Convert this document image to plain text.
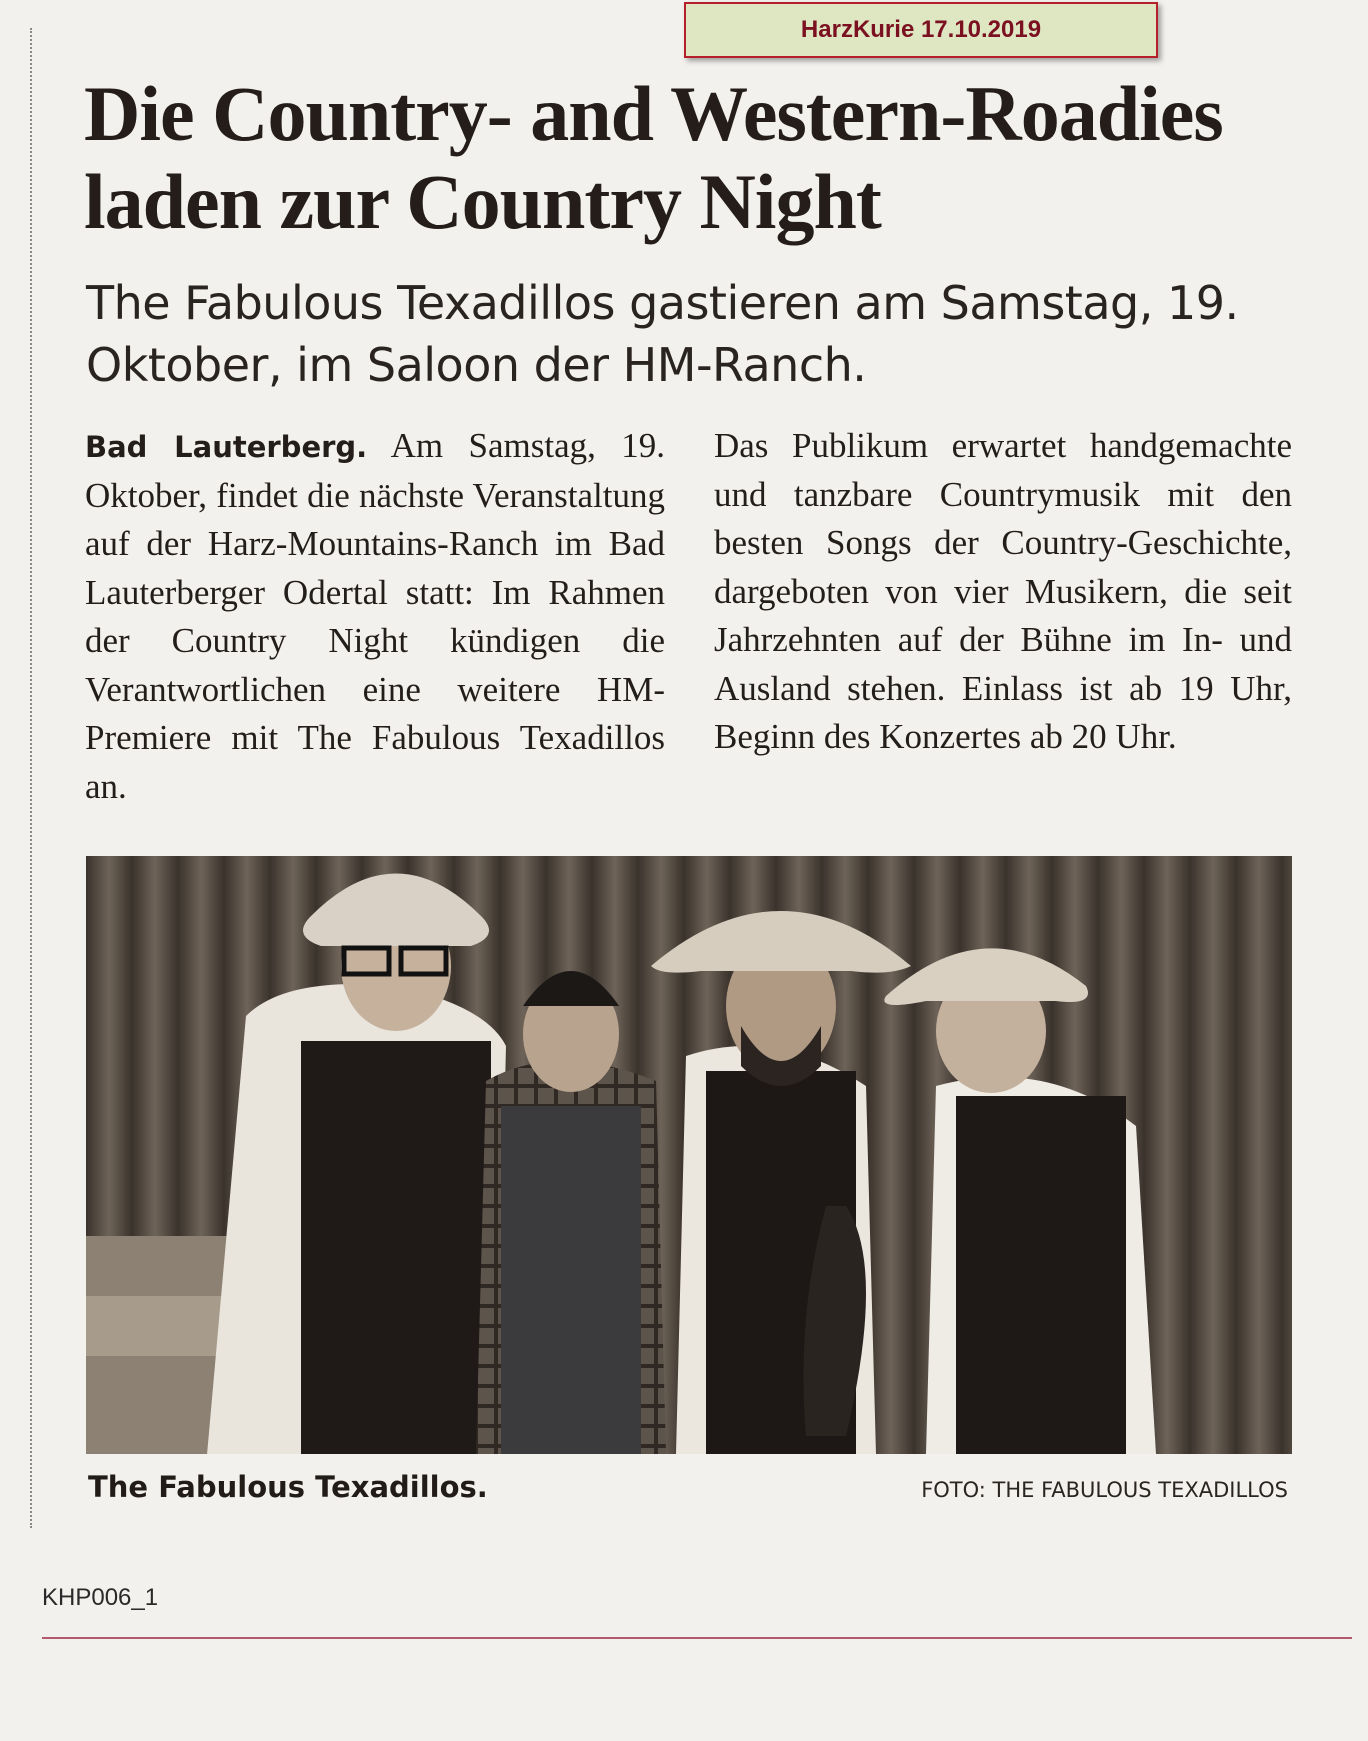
HarzKurie 17.10.2019
Die Country- and Western-Roadies laden zur Country Night
The Fabulous Texadillos gastieren am Samstag, 19. Oktober, im Saloon der HM-Ranch.

Bad Lauterberg. Am Samstag, 19. Oktober, findet die nächste Veranstaltung auf der Harz-Mountains-Ranch im Bad Lauterberger Odertal statt: Im Rahmen der Country Night kündigen die Verantwortlichen eine weitere HM-Premiere mit The Fabulous Texadillos an.

Das Publikum erwartet handgemachte und tanzbare Countrymusik mit den besten Songs der Country-Geschichte, dargeboten von vier Musikern, die seit Jahrzehnten auf der Bühne im In- und Ausland stehen. Einlass ist ab 19 Uhr, Beginn des Konzertes ab 20 Uhr.

The Fabulous Texadillos.	FOTO: THE FABULOUS TEXADILLOS
KHP006_1
